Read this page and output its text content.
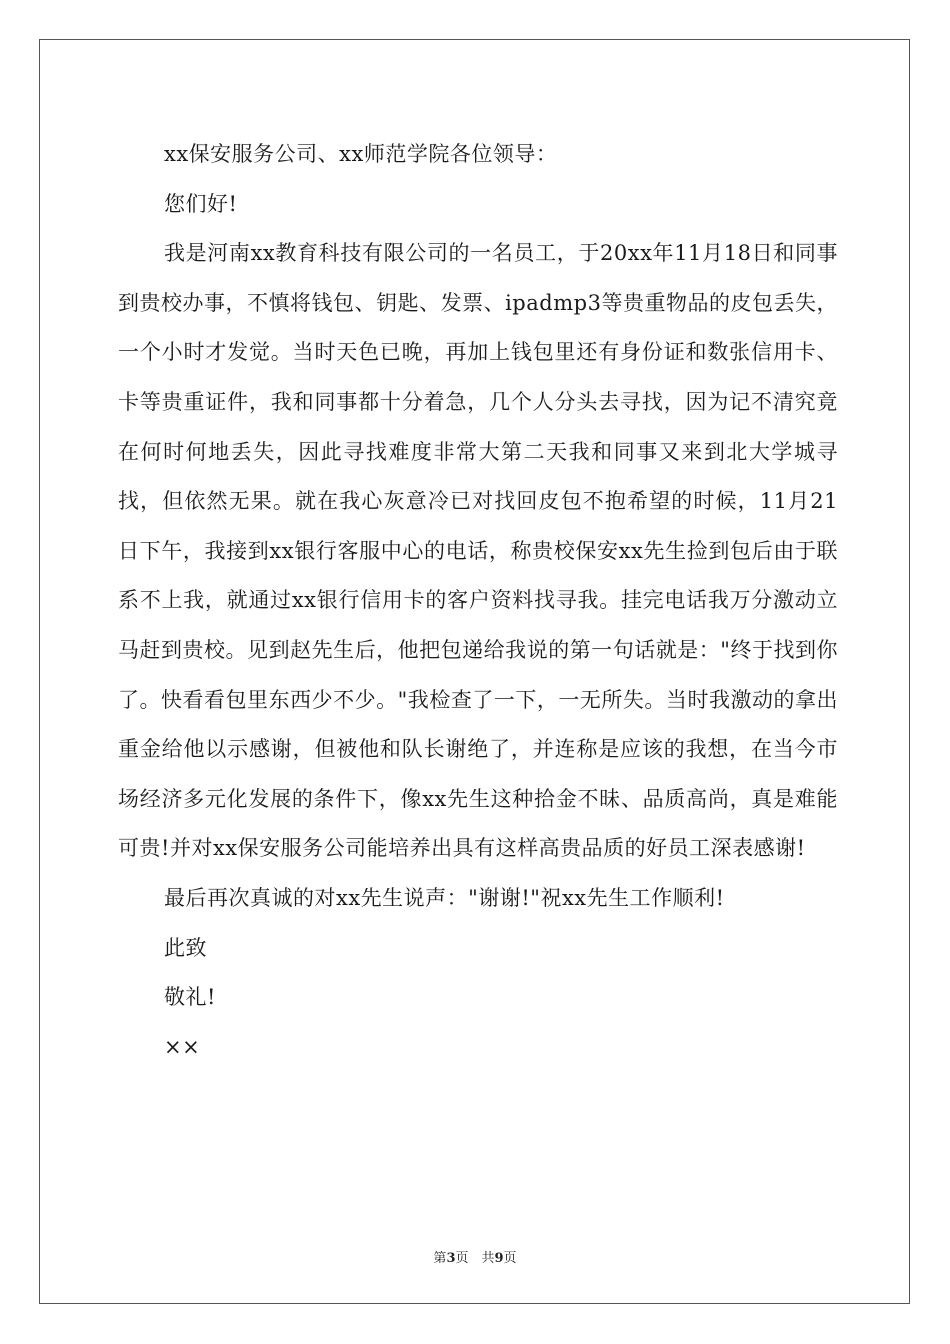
xx保安服务公司、xx师范学院各位领导：
您们好!
我是河南xx教育科技有限公司的一名员工，于20xx年11月18日和同事到贵校办事，不慎将钱包、钥匙、发票、ipadmp3等贵重物品的皮包丢失，一个小时才发觉。当时天色已晚，再加上钱包里还有身份证和数张信用卡、卡等贵重证件，我和同事都十分着急，几个人分头去寻找，因为记不清究竟在何时何地丢失，因此寻找难度非常大第二天我和同事又来到北大学城寻找，但依然无果。就在我心灰意冷已对找回皮包不抱希望的时候，11月21日下午，我接到xx银行客服中心的电话，称贵校保安xx先生捡到包后由于联系不上我，就通过xx银行信用卡的客户资料找寻我。挂完电话我万分激动立马赶到贵校。见到赵先生后，他把包递给我说的第一句话就是："终于找到你了。快看看包里东西少不少。"我检查了一下，一无所失。当时我激动的拿出重金给他以示感谢，但被他和队长谢绝了，并连称是应该的我想，在当今市场经济多元化发展的条件下，像xx先生这种拾金不昧、品质高尚，真是难能可贵!并对xx保安服务公司能培养出具有这样高贵品质的好员工深表感谢!
最后再次真诚的对xx先生说声："谢谢!"祝xx先生工作顺利!
此致
敬礼!
××
第3页　共9页
